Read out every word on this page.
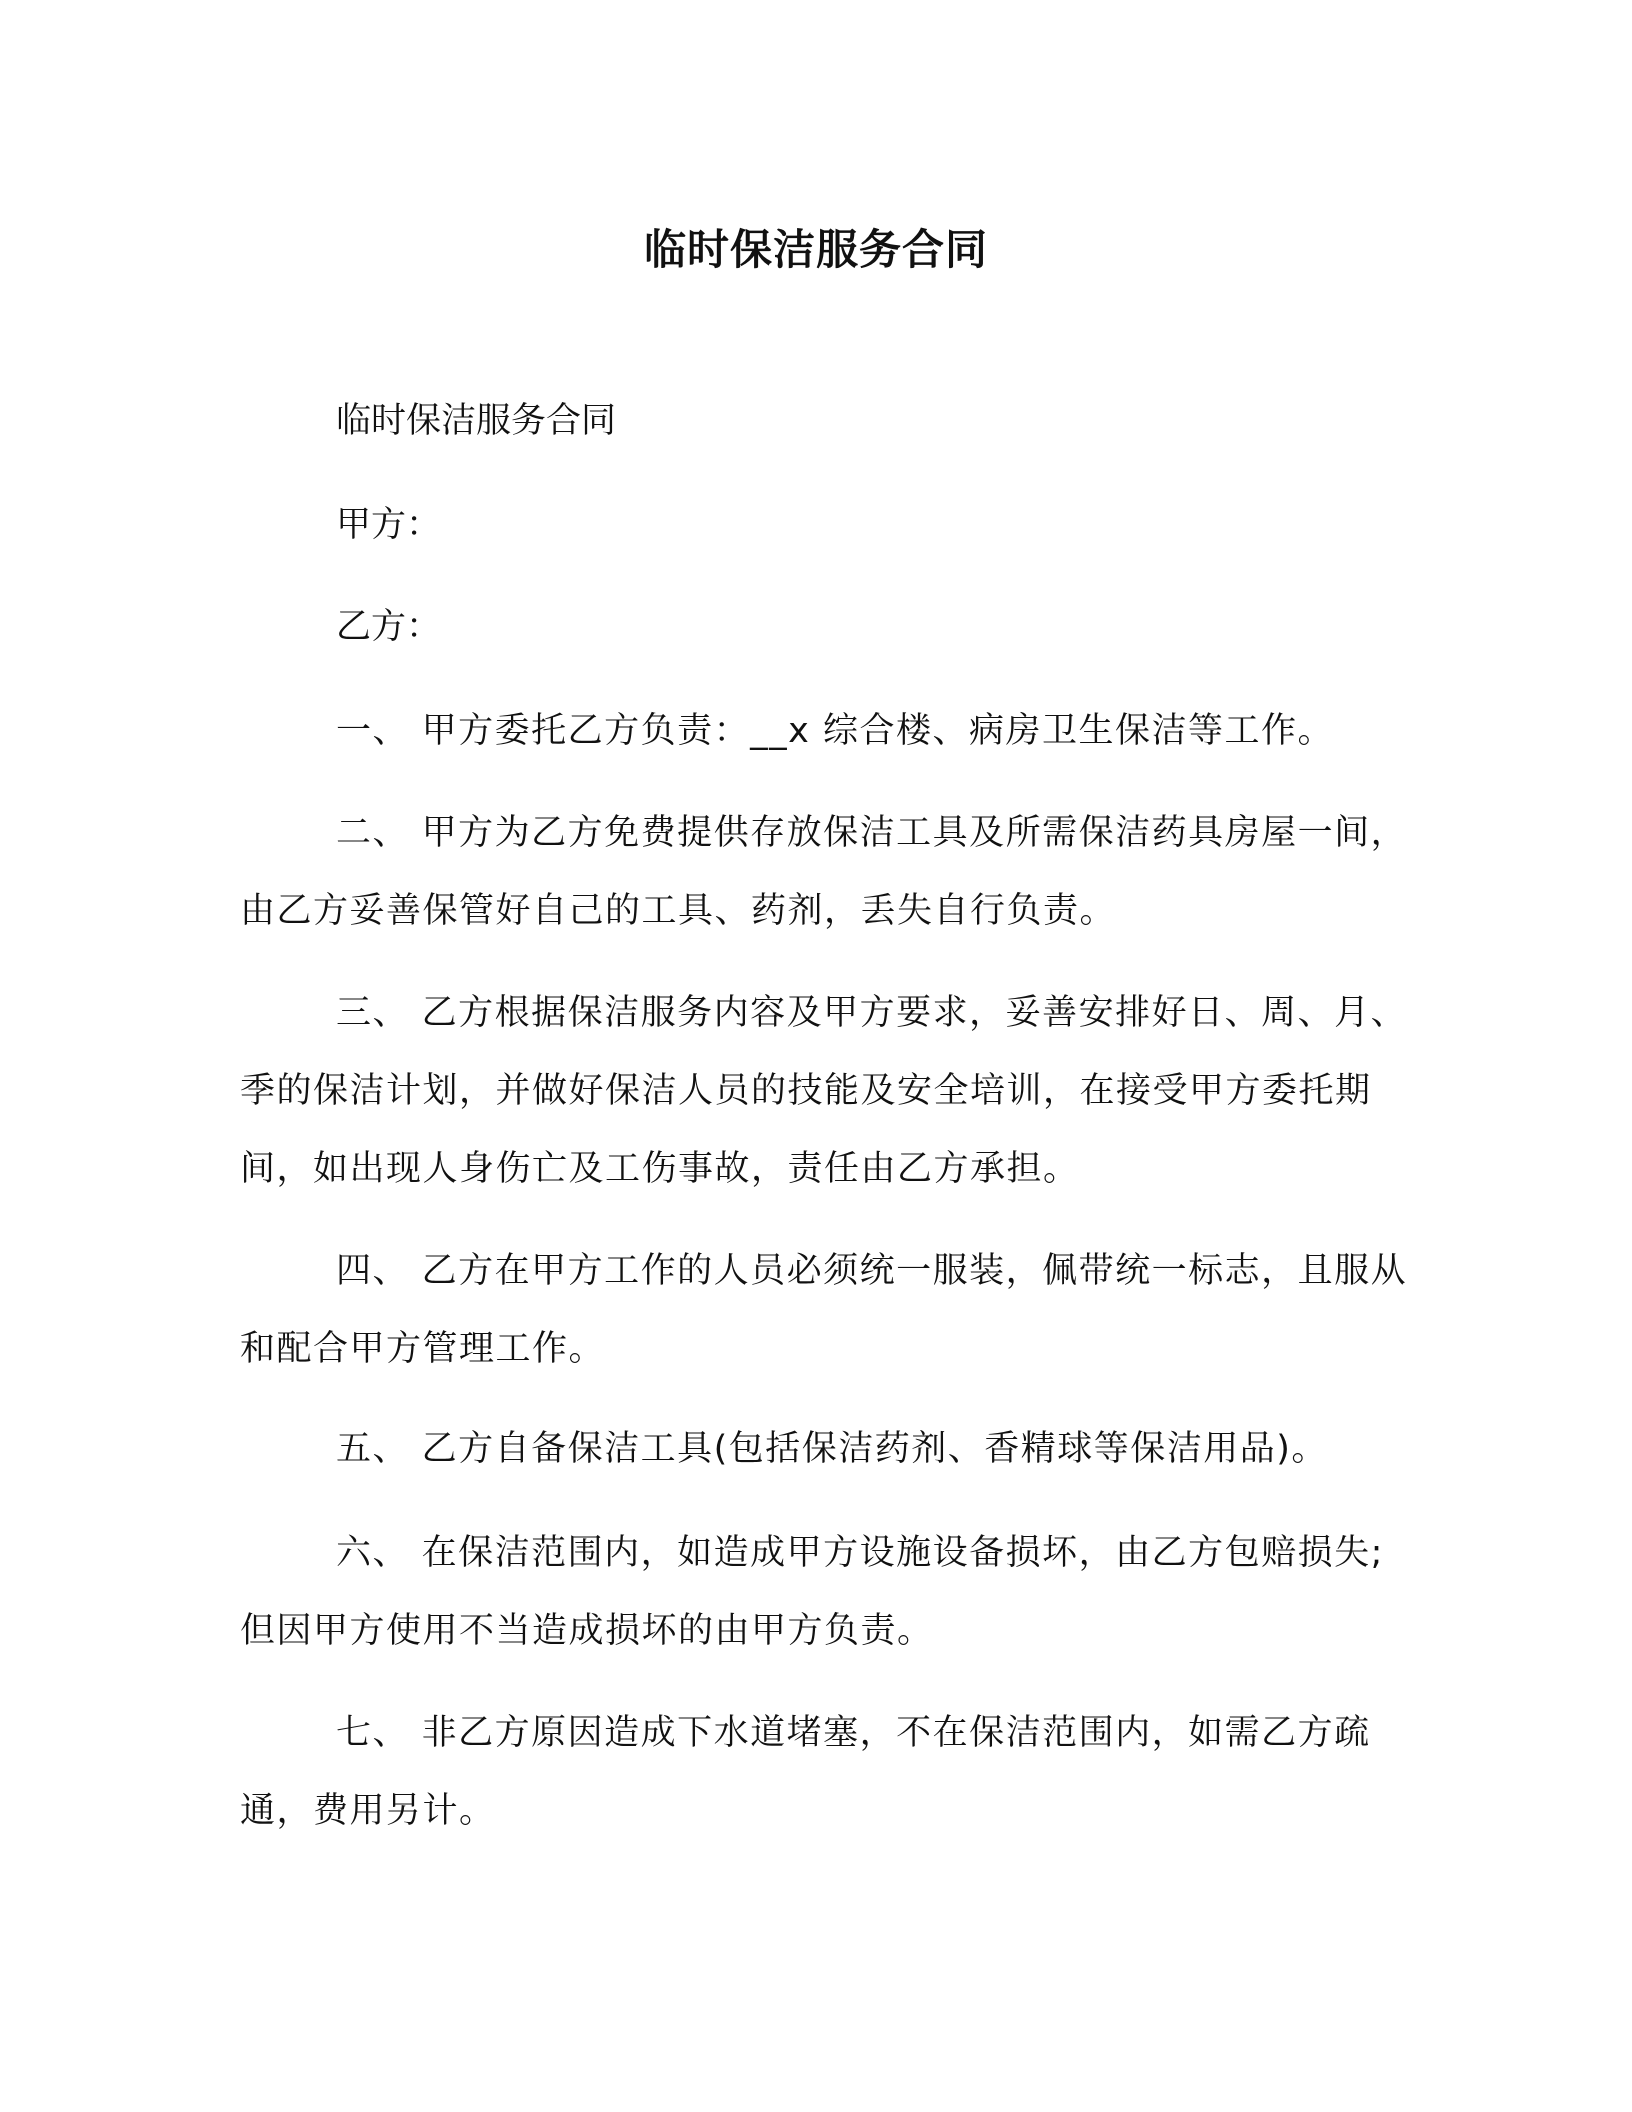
临时保洁服务合同
临时保洁服务合同
甲方：
乙方：
一、 甲方委托乙方负责：__x 综合楼、病房卫生保洁等工作。
二、 甲方为乙方免费提供存放保洁工具及所需保洁药具房屋一间，由乙方妥善保管好自己的工具、药剂，丢失自行负责。
三、 乙方根据保洁服务内容及甲方要求，妥善安排好日、周、月、季的保洁计划，并做好保洁人员的技能及安全培训，在接受甲方委托期间，如出现人身伤亡及工伤事故，责任由乙方承担。
四、 乙方在甲方工作的人员必须统一服装，佩带统一标志，且服从和配合甲方管理工作。
五、 乙方自备保洁工具(包括保洁药剂、香精球等保洁用品)。
六、 在保洁范围内，如造成甲方设施设备损坏，由乙方包赔损失;但因甲方使用不当造成损坏的由甲方负责。
七、 非乙方原因造成下水道堵塞，不在保洁范围内，如需乙方疏通，费用另计。
